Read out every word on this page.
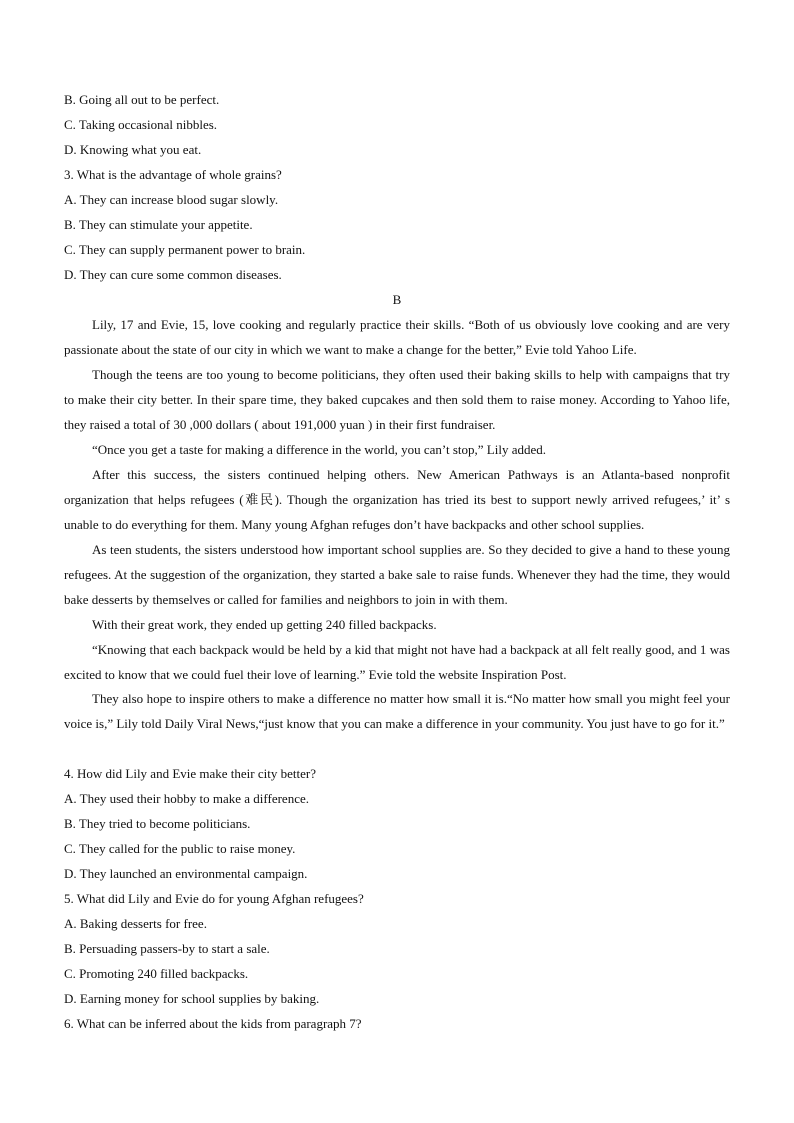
B. Going all out to be perfect.
C. Taking occasional nibbles.
D. Knowing what you eat.
3. What is the advantage of whole grains?
A. They can increase blood sugar slowly.
B. They can stimulate your appetite.
C. They can supply permanent power to brain.
D. They can cure some common diseases.
B
Lily, 17 and Evie, 15, love cooking and regularly practice their skills. “Both of us obviously love cooking and are very passionate about the state of our city in which we want to make a change for the better,” Evie told Yahoo Life.
Though the teens are too young to become politicians, they often used their baking skills to help with campaigns that try to make their city better. In their spare time, they baked cupcakes and then sold them to raise money. According to Yahoo life, they raised a total of 30 ,000 dollars ( about 191,000 yuan ) in their first fundraiser.
“Once you get a taste for making a difference in the world, you can’t stop,” Lily added.
After this success, the sisters continued helping others. New American Pathways is an Atlanta-based nonprofit organization that helps refugees (难民). Though the organization has tried its best to support newly arrived refugees,’ it’ s unable to do everything for them. Many young Afghan refuges don’t have backpacks and other school supplies.
As teen students, the sisters understood how important school supplies are. So they decided to give a hand to these young refugees. At the suggestion of the organization, they started a bake sale to raise funds. Whenever they had the time, they would bake desserts by themselves or called for families and neighbors to join in with them.
With their great work, they ended up getting 240 filled backpacks.
“Knowing that each backpack would be held by a kid that might not have had a backpack at all felt really good, and 1 was excited to know that we could fuel their love of learning.” Evie told the website Inspiration Post.
They also hope to inspire others to make a difference no matter how small it is.“No matter how small you might feel your voice is,” Lily told Daily Viral News,“just know that you can make a difference in your community. You just have to go for it.”
4. How did Lily and Evie make their city better?
A. They used their hobby to make a difference.
B. They tried to become politicians.
C. They called for the public to raise money.
D. They launched an environmental campaign.
5. What did Lily and Evie do for young Afghan refugees?
A. Baking desserts for free.
B. Persuading passers-by to start a sale.
C. Promoting 240 filled backpacks.
D. Earning money for school supplies by baking.
6. What can be inferred about the kids from paragraph 7?
